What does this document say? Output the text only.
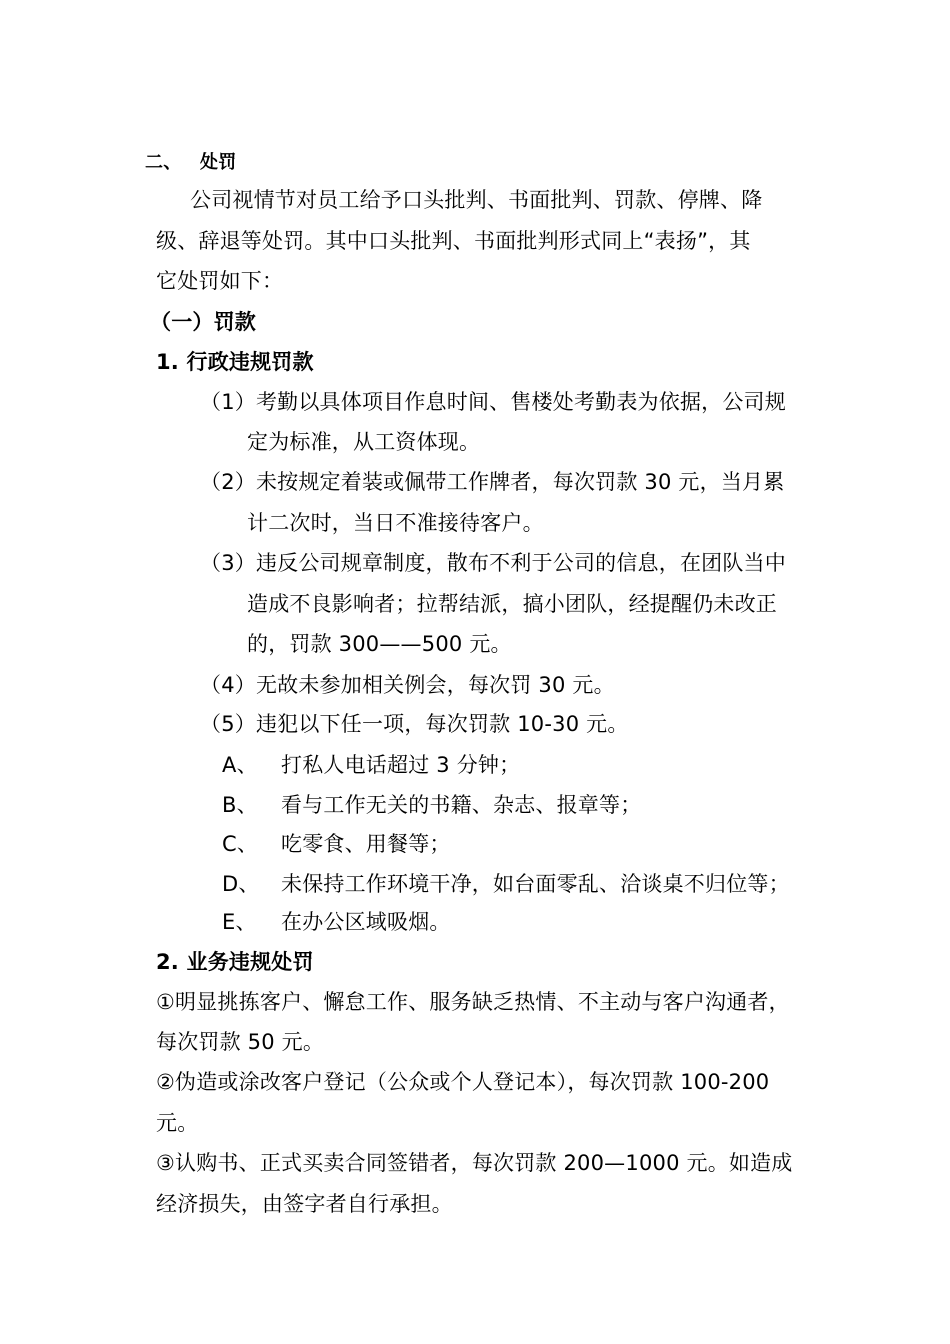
二、 处罚
公司视情节对员工给予口头批判、书面批判、罚款、停牌、降
级、辞退等处罚。其中口头批判、书面批判形式同上“表扬”，其
它处罚如下：
（一）罚款
1. 行政违规罚款
（1）考勤以具体项目作息时间、售楼处考勤表为依据，公司规
定为标准，从工资体现。
（2）未按规定着装或佩带工作牌者，每次罚款 30 元，当月累
计二次时，当日不准接待客户。
（3）违反公司规章制度，散布不利于公司的信息，在团队当中
造成不良影响者；拉帮结派，搞小团队，经提醒仍未改正
的，罚款 300——500 元。
（4）无故未参加相关例会，每次罚 30 元。
（5）违犯以下任一项，每次罚款 10-30 元。
A、 打私人电话超过 3 分钟；
B、 看与工作无关的书籍、杂志、报章等；
C、 吃零食、用餐等；
D、 未保持工作环境干净，如台面零乱、洽谈桌不归位等；
E、 在办公区域吸烟。
2. 业务违规处罚
①明显挑拣客户、懈怠工作、服务缺乏热情、不主动与客户沟通者，
每次罚款 50 元。
②伪造或涂改客户登记（公众或个人登记本），每次罚款 100-200
元。
③认购书、正式买卖合同签错者，每次罚款 200—1000 元。如造成
经济损失，由签字者自行承担。
